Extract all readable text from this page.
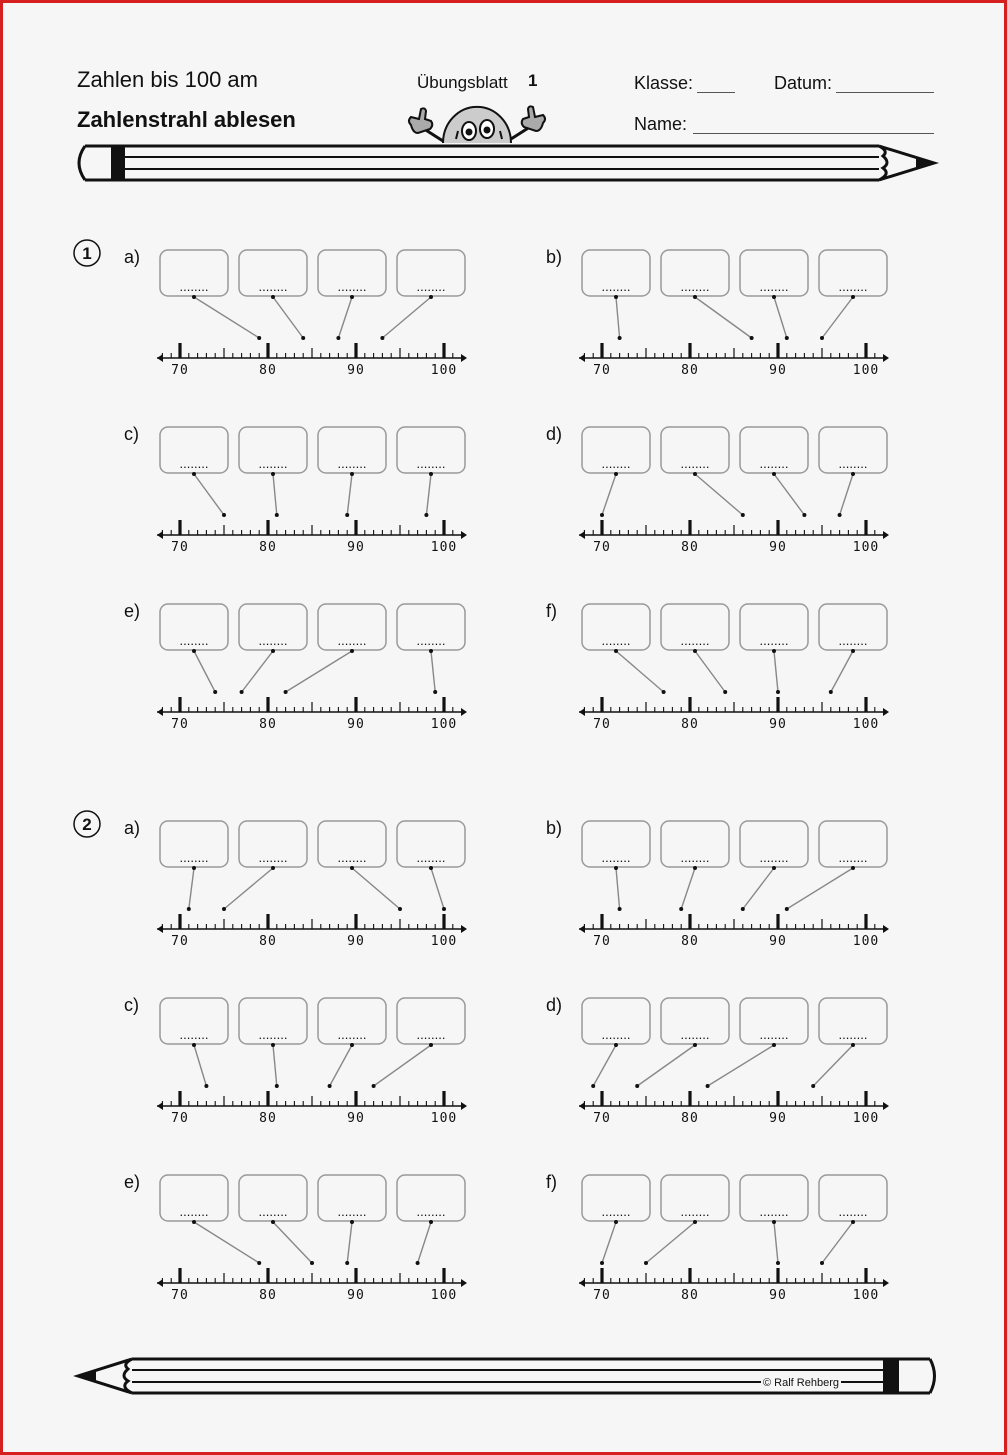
Zahlen bis 100 am
Zahlenstrahl ablesen
Übungsblatt 1	Klasse:	Datum:
Name:
© Ralf Rehberg
1 a)
70	80	90	100
........	........	........	........
b)
70	80	90	100
........	........	........	........
c)
70	80	90	100
........	........	........	........
d)
70	80	90	100
........	........	........	........
e)
70	80	90	100
........	........	........	........
f)
70	80	90	100
........	........	........	........
2 a)
70	80	90	100
........	........	........	........
b)
70	80	90	100
........	........	........	........
c)
70	80	90	100
........	........	........	........
d)
70	80	90	100
........	........	........	........
e)
70	80	90	100
........	........	........	........
f)
70	80	90	100
........	........	........	........
